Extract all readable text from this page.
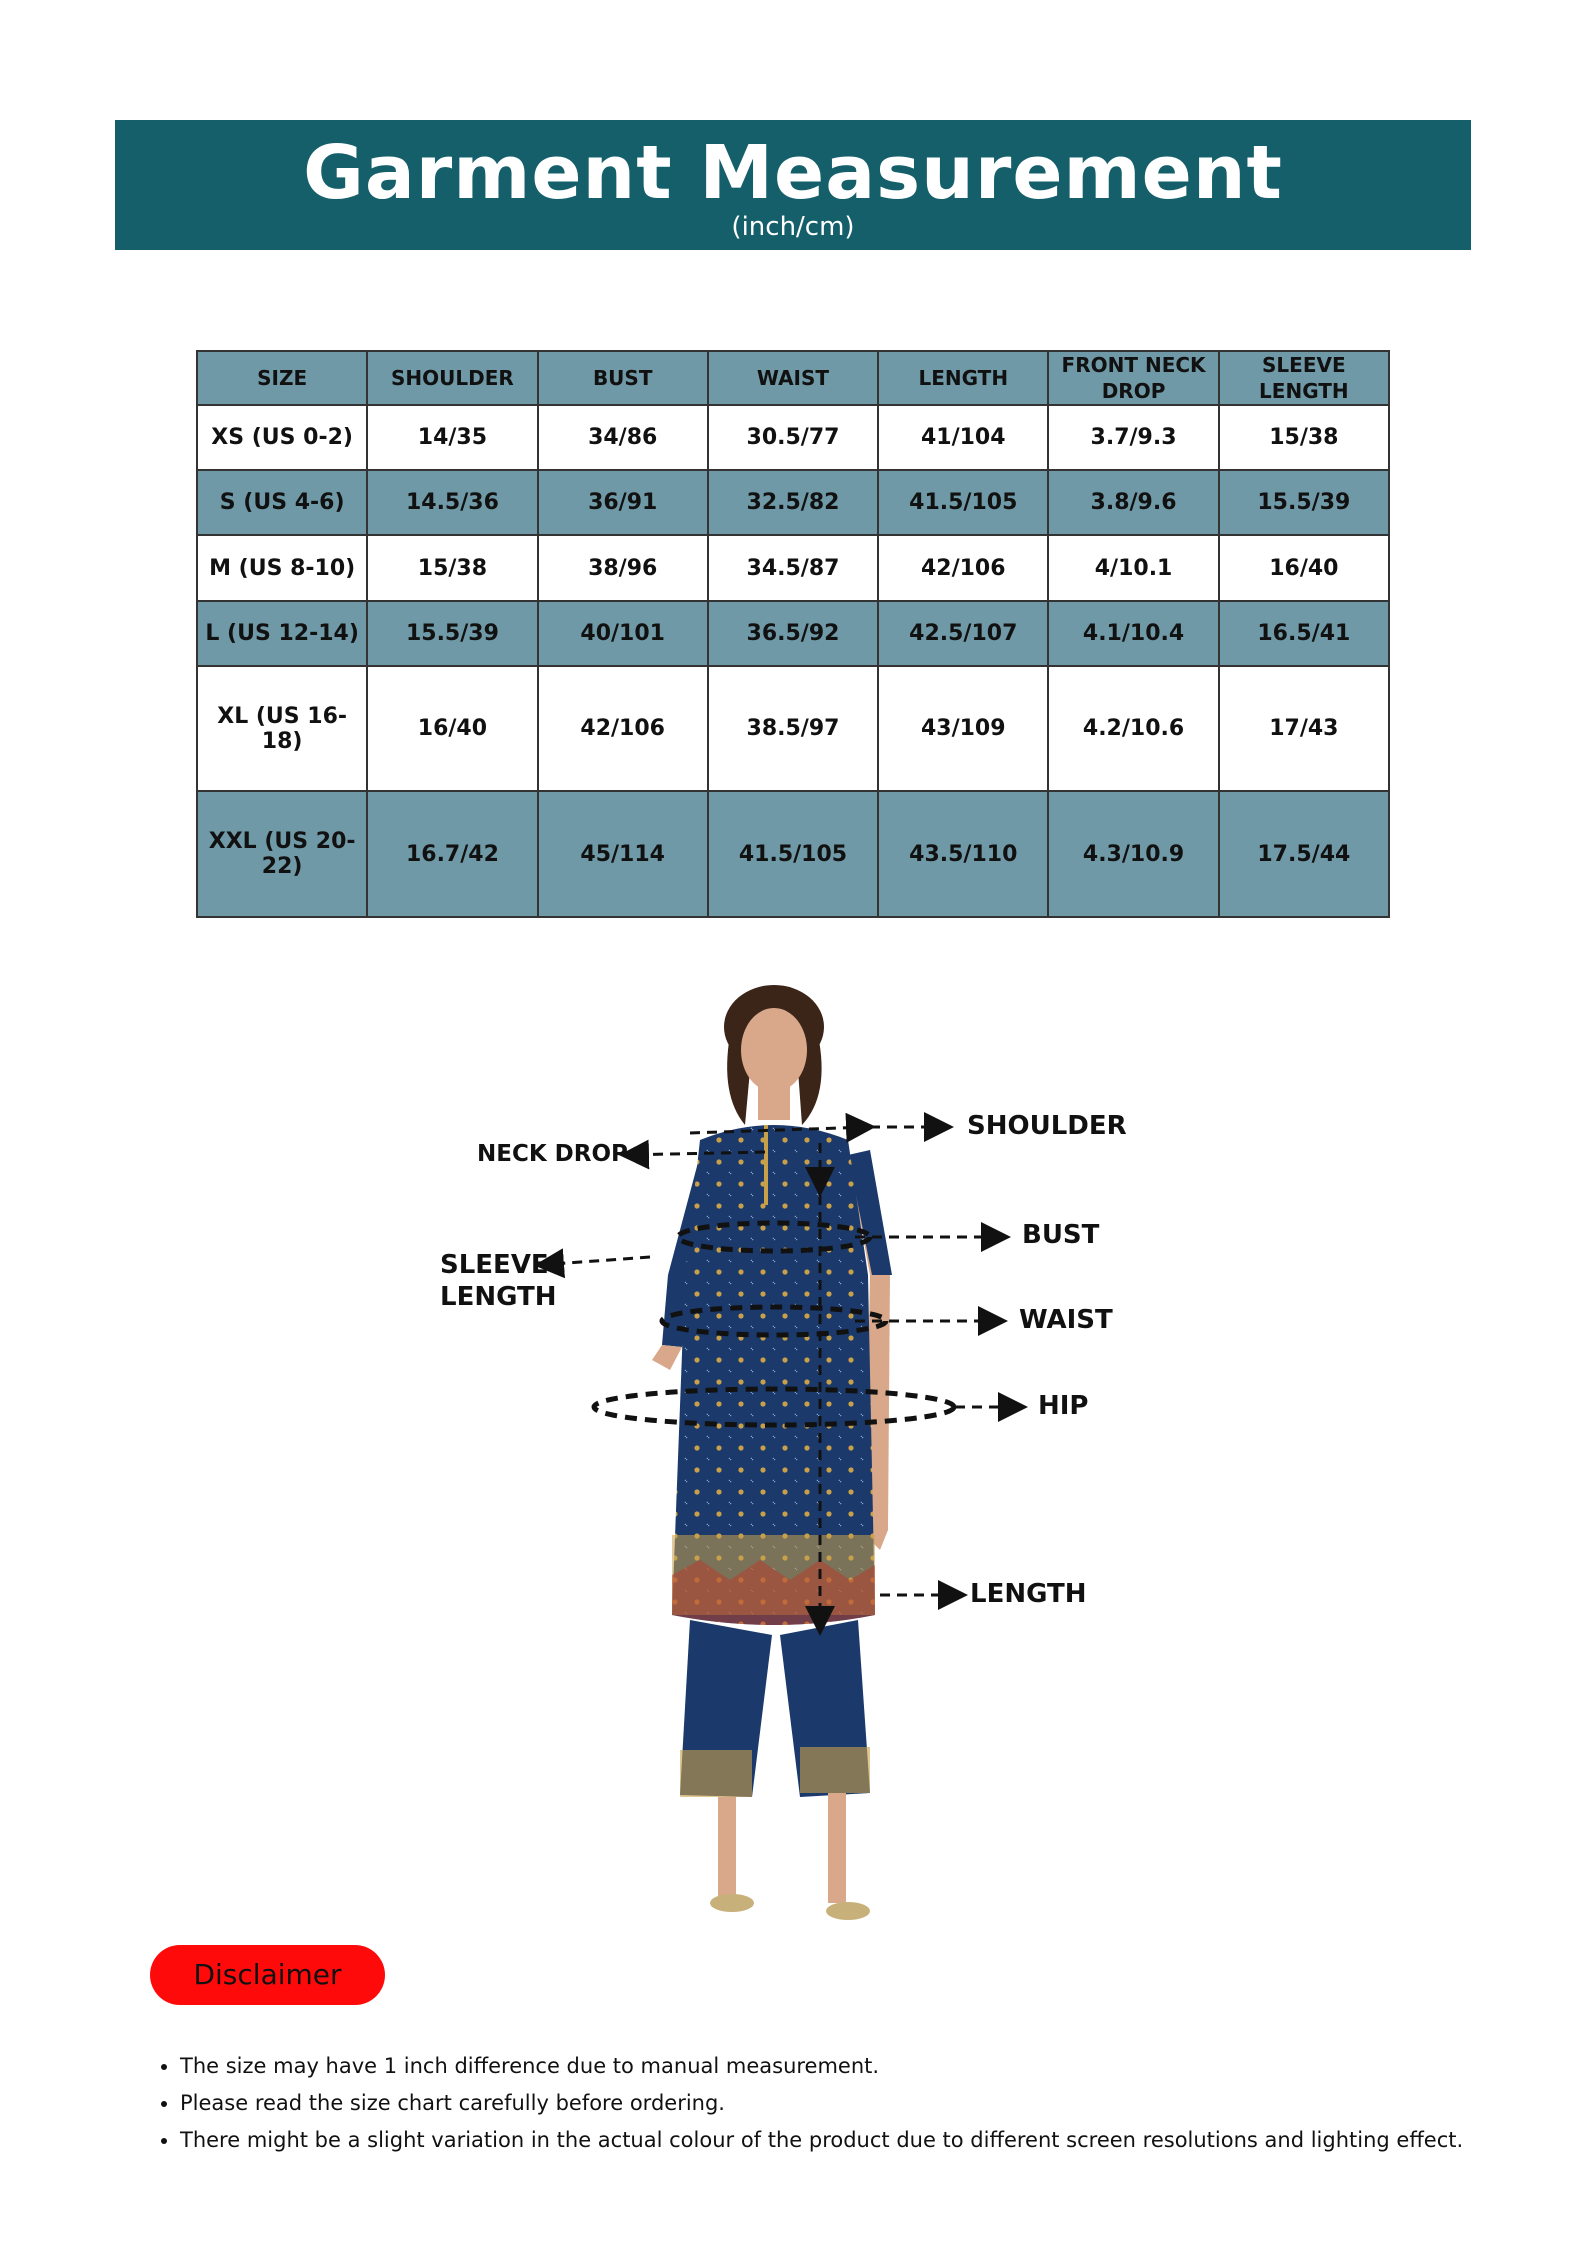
Garment Measurement
(inch/cm)
SIZE	SHOULDER	BUST	WAIST	LENGTH	FRONT NECK DROP	SLEEVE LENGTH
XS (US 0-2)	14/35	34/86	30.5/77	41/104	3.7/9.3	15/38
S (US 4-6)	14.5/36	36/91	32.5/82	41.5/105	3.8/9.6	15.5/39
M (US 8-10)	15/38	38/96	34.5/87	42/106	4/10.1	16/40
L (US 12-14)	15.5/39	40/101	36.5/92	42.5/107	4.1/10.4	16.5/41
XL (US 16-18)	16/40	42/106	38.5/97	43/109	4.2/10.6	17/43
XXL (US 20-22)	16.7/42	45/114	41.5/105	43.5/110	4.3/10.9	17.5/44
SHOULDER
NECK DROP
BUST
SLEEVE
LENGTH
WAIST
HIP
LENGTH
Disclaimer
• The size may have 1 inch difference due to manual measurement.
• Please read the size chart carefully before ordering.
• There might be a slight variation in the actual colour of the product due to different screen resolutions and lighting effect.
